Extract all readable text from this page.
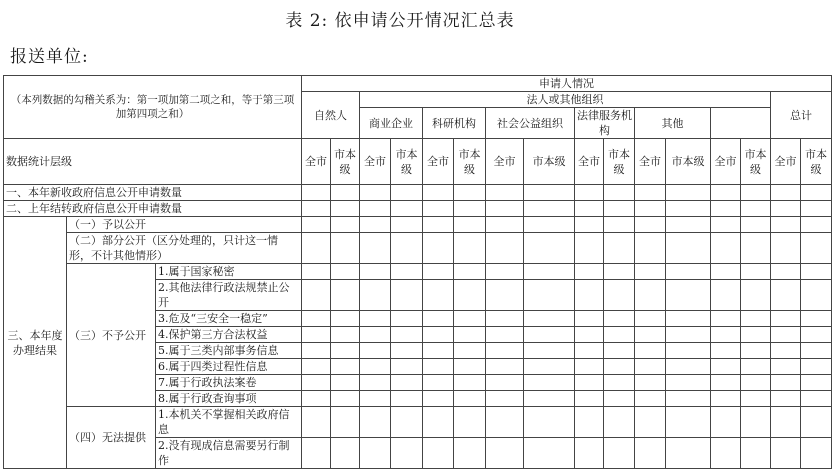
表 2: 依申请公开情况汇总表
报送单位:
（本列数据的勾稽关系为：第一项加第二项之和，等于第三项加第四项之和）			申请人情况															
			自然人		法人或其他组织												总计	
					商业企业		科研机构		社会公益组织		法律服务机构		其他					
数据统计层级			全市	市本级	全市	市本级	全市	市本级	全市	市本级	全市	市本级	全市	市本级	全市	市本级	全市	市本级
一、本年新收政府信息公开申请数量																		
二、上年结转政府信息公开申请数量																		
三、本年度办理结果	（一）予以公开																	
	（二）部分公开（区分处理的，只计这一情形，不计其他情形）																	
	（三）不予公开	1.属于国家秘密																
		2.其他法律行政法规禁止公开																
		3.危及“三安全一稳定”																
		4.保护第三方合法权益																
		5.属于三类内部事务信息																
		6.属于四类过程性信息																
		7.属于行政执法案卷																
		8.属于行政查询事项																
	（四）无法提供	1.本机关不掌握相关政府信息																
		2.没有现成信息需要另行制作																
